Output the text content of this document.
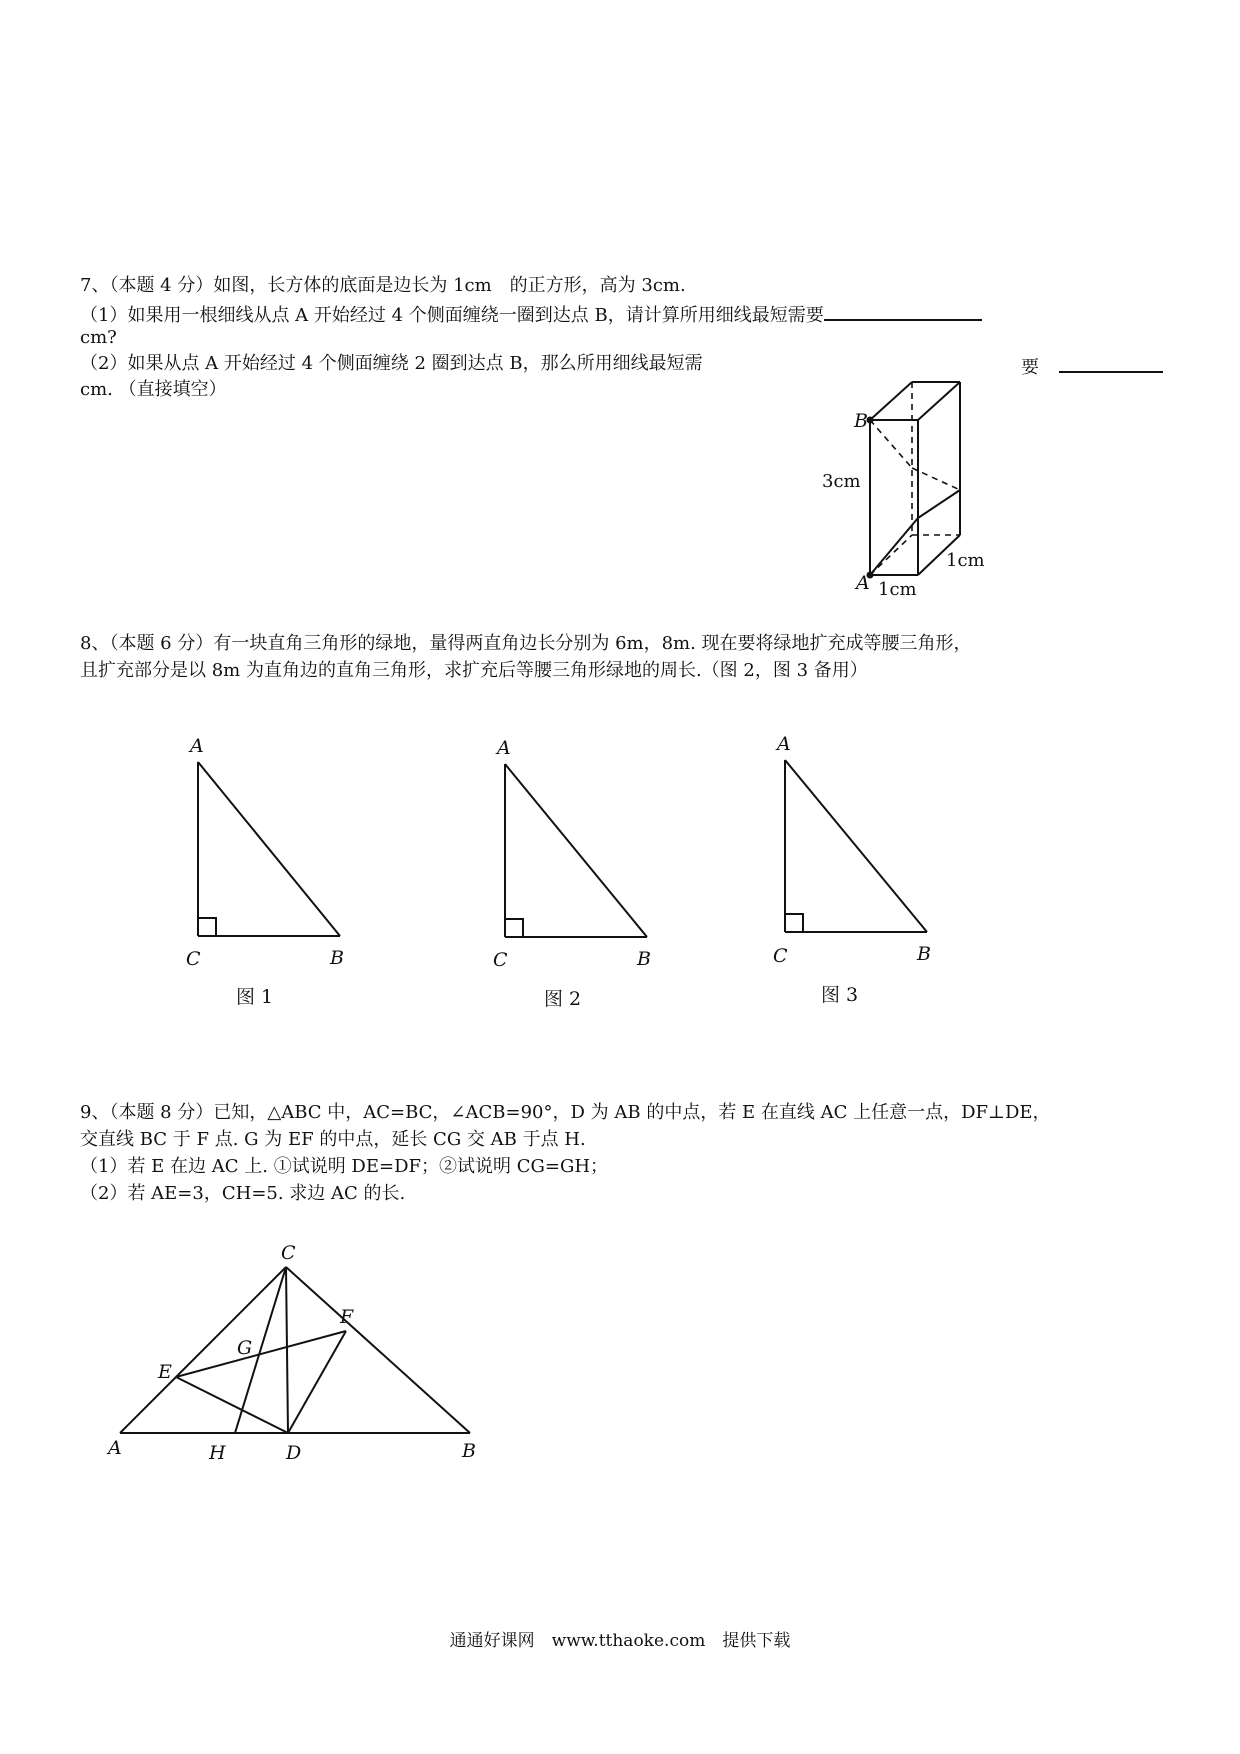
7、（本题 4 分）如图，长方体的底面是边长为 1cm　的正方形，高为 3cm.
（1）如果用一根细线从点 A 开始经过 4 个侧面缠绕一圈到达点 B，请计算所用细线最短需要
cm?
（2）如果从点 A 开始经过 4 个侧面缠绕 2 圈到达点 B，那么所用细线最短需	要
cm. （直接填空）
B
A
3cm
1cm
1cm
8、（本题 6 分）有一块直角三角形的绿地，量得两直角边长分别为 6m，8m. 现在要将绿地扩充成等腰三角形，
且扩充部分是以 8m 为直角边的直角三角形，求扩充后等腰三角形绿地的周长.（图 2，图 3 备用）
A
C	B
图 1
A
C	B
图 2
A
C	B
图 3
9、（本题 8 分）已知，△ABC 中，AC=BC，∠ACB=90°，D 为 AB 的中点，若 E 在直线 AC 上任意一点，DF⊥DE，
交直线 BC 于 F 点. G 为 EF 的中点，延长 CG 交 AB 于点 H.
（1）若 E 在边 AC 上. ①试说明 DE=DF；②试说明 CG=GH；
（2）若 AE=3，CH=5. 求边 AC 的长.
C
F
G
E
A	H	D	B
通通好课网　www.tthaoke.com　提供下载
